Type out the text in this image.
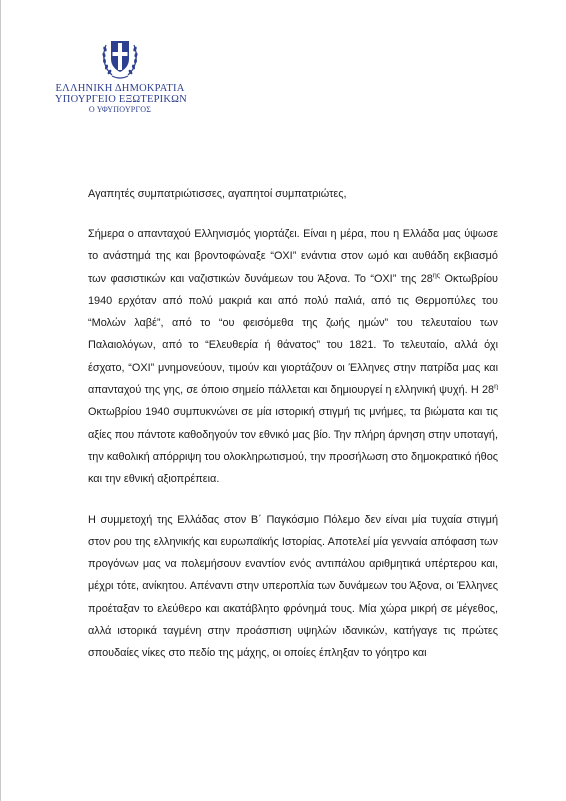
ΕΛΛΗΝΙΚΗ ΔΗΜΟΚΡΑΤΙΑ
ΥΠΟΥΡΓΕΙΟ ΕΞΩΤΕΡΙΚΩΝ
Ο ΥΦΥΠΟΥΡΓΟΣ

Αγαπητές συμπατριώτισσες, αγαπητοί συμπατριώτες,

Σήμερα ο απανταχού Ελληνισμός γιορτάζει. Είναι η μέρα, που η Ελλάδα μας ύψωσε το ανάστημά της και βροντοφώναξε “ΟΧΙ” ενάντια στον ωμό και αυθάδη εκβιασμό των φασιστικών και ναζιστικών δυνάμεων του Άξονα. Το “ΟΧΙ” της $28^{\eta\varsigma}$ Οκτωβρίου 1940 ερχόταν από πολύ μακριά και από πολύ παλιά, από τις Θερμοπύλες του “Μολών λαβέ”, από το “ου φεισόμεθα της ζωής ημών” του τελευταίου των Παλαιολόγων, από το “Ελευθερία ή θάνατος” του 1821. Το τελευταίο, αλλά όχι έσχατο, “ΟΧΙ” μνημονεύουν, τιμούν και γιορτάζουν οι Έλληνες στην πατρίδα μας και απανταχού της γης, σε όποιο σημείο πάλλεται και δημιουργεί η ελληνική ψυχή. Η $28^\eta$ Οκτωβρίου 1940 συμπυκνώνει σε μία ιστορική στιγμή τις μνήμες, τα βιώματα και τις αξίες που πάντοτε καθοδηγούν τον εθνικό μας βίο. Την πλήρη άρνηση στην υποταγή, την καθολική απόρριψη του ολοκληρωτισμού, την προσήλωση στο δημοκρατικό ήθος και την εθνική αξιοπρέπεια.

Η συμμετοχή της Ελλάδας στον Β΄ Παγκόσμιο Πόλεμο δεν είναι μία τυχαία στιγμή στον ρου της ελληνικής και ευρωπαϊκής Ιστορίας. Αποτελεί μία γενναία απόφαση των προγόνων μας να πολεμήσουν εναντίον ενός αντιπάλου αριθμητικά υπέρτερου και, μέχρι τότε, ανίκητου. Απέναντι στην υπεροπλία των δυνάμεων του Άξονα, οι Έλληνες προέταξαν το ελεύθερο και ακατάβλητο φρόνημά τους. Μία χώρα μικρή σε μέγεθος, αλλά ιστορικά ταγμένη στην προάσπιση υψηλών ιδανικών, κατήγαγε τις πρώτες σπουδαίες νίκες στο πεδίο της μάχης, οι οποίες έπληξαν το γόητρο και
